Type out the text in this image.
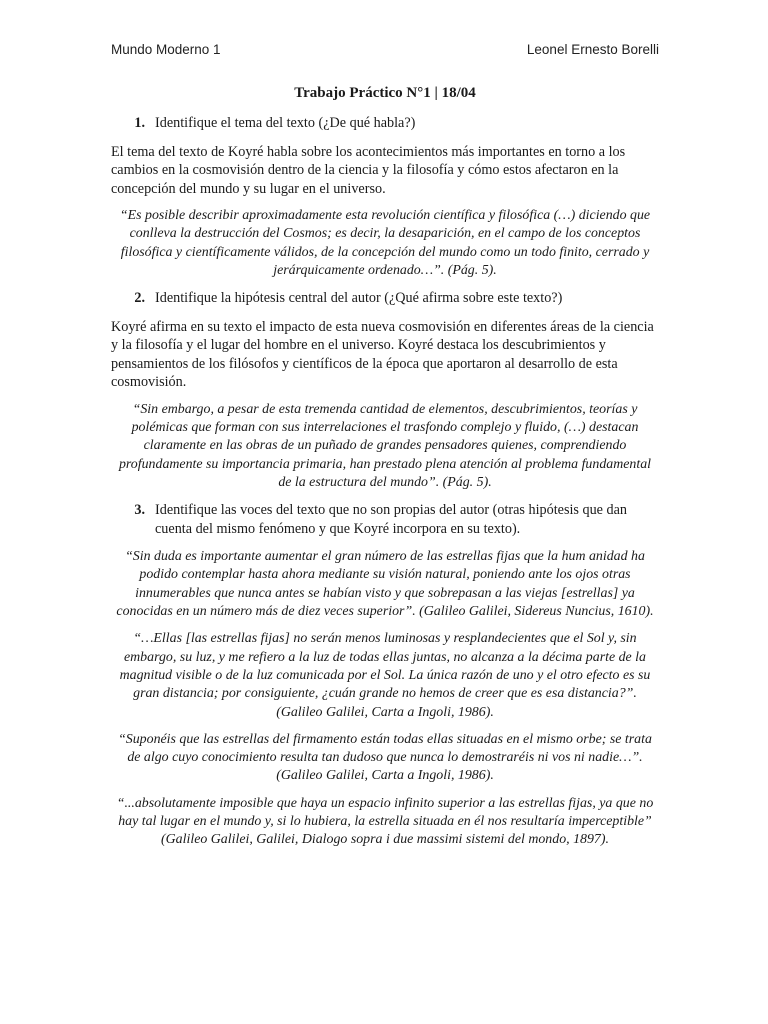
Mundo Moderno 1	Leonel Ernesto Borelli
Trabajo Práctico N°1 | 18/04
1. Identifique el tema del texto (¿De qué habla?)

El tema del texto de Koyré habla sobre los acontecimientos más importantes en torno a los cambios en la cosmovisión dentro de la ciencia y la filosofía y cómo estos afectaron en la concepción del mundo y su lugar en el universo.

“Es posible describir aproximadamente esta revolución científica y filosófica (…) diciendo que conlleva la destrucción del Cosmos; es decir, la desaparición, en el campo de los conceptos filosófica y científicamente válidos, de la concepción del mundo como un todo finito, cerrado y jerárquicamente ordenado…”. (Pág. 5).

2. Identifique la hipótesis central del autor (¿Qué afirma sobre este texto?)

Koyré afirma en su texto el impacto de esta nueva cosmovisión en diferentes áreas de la ciencia y la filosofía y el lugar del hombre en el universo. Koyré destaca los descubrimientos y pensamientos de los filósofos y científicos de la época que aportaron al desarrollo de esta cosmovisión.

“Sin embargo, a pesar de esta tremenda cantidad de elementos, descubrimientos, teorías y polémicas que forman con sus interrelaciones el trasfondo complejo y fluido, (…) destacan claramente en las obras de un puñado de grandes pensadores quienes, comprendiendo profundamente su importancia primaria, han prestado plena atención al problema fundamental de la estructura del mundo”. (Pág. 5).

3. Identifique las voces del texto que no son propias del autor (otras hipótesis que dan cuenta del mismo fenómeno y que Koyré incorpora en su texto).

“Sin duda es importante aumentar el gran número de las estrellas fijas que la hum anidad ha podido contemplar hasta ahora mediante su visión natural, poniendo ante los ojos otras innumerables que nunca antes se habían visto y que sobrepasan a las viejas [estrellas] ya conocidas en un número más de diez veces superior”. (Galileo Galilei, Sidereus Nuncius, 1610).

“…Ellas [las estrellas fijas] no serán menos luminosas y resplandecientes que el Sol y, sin embargo, su luz, y me refiero a la luz de todas ellas juntas, no alcanza a la décima parte de la magnitud visible o de la luz comunicada por el Sol. La única razón de uno y el otro efecto es su gran distancia; por consiguiente, ¿cuán grande no hemos de creer que es esa distancia?”. (Galileo Galilei, Carta a Ingoli, 1986).

“Suponéis que las estrellas del firmamento están todas ellas situadas en el mismo orbe; se trata de algo cuyo conocimiento resulta tan dudoso que nunca lo demostraréis ni vos ni nadie…”. (Galileo Galilei, Carta a Ingoli, 1986).

“...absolutamente imposible que haya un espacio infinito superior a las estrellas fijas, ya que no hay tal lugar en el mundo y, si lo hubiera, la estrella situada en él nos resultaría imperceptible” (Galileo Galilei, Galilei, Dialogo sopra i due massimi sistemi del mondo, 1897).
